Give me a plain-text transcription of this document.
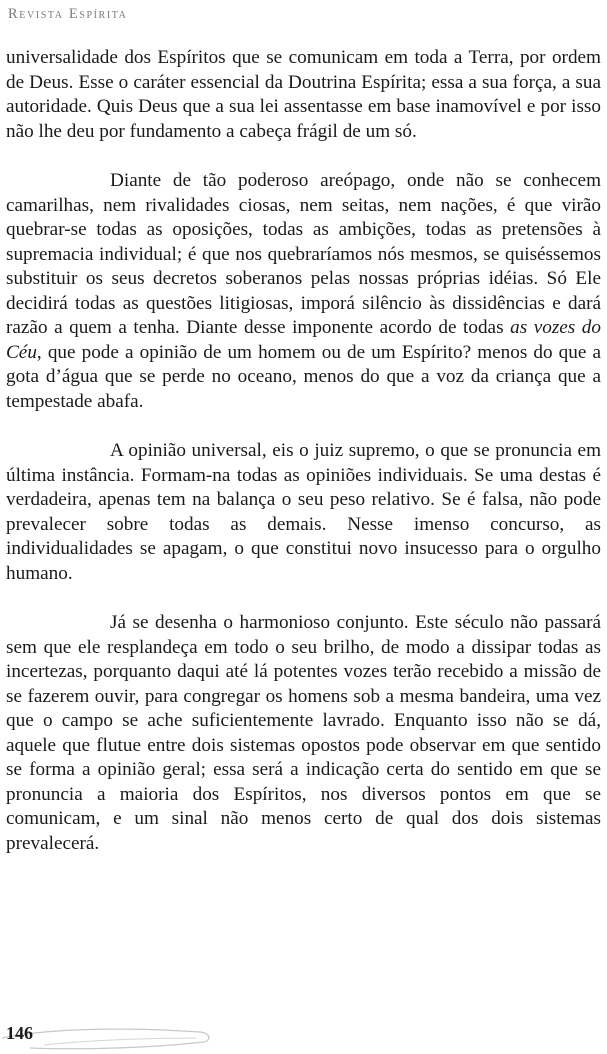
Revista Espírita

universalidade dos Espíritos que se comunicam em toda a Terra, por ordem de Deus. Esse o caráter essencial da Doutrina Espírita; essa a sua força, a sua autoridade. Quis Deus que a sua lei assentasse em base inamovível e por isso não lhe deu por fundamento a cabeça frágil de um só.

Diante de tão poderoso areópago, onde não se conhecem camarilhas, nem rivalidades ciosas, nem seitas, nem nações, é que virão quebrar-se todas as oposições, todas as ambições, todas as pretensões à supremacia individual; é que nos quebraríamos nós mesmos, se quiséssemos substituir os seus decretos soberanos pelas nossas próprias idéias. Só Ele decidirá todas as questões litigiosas, imporá silêncio às dissidências e dará razão a quem a tenha. Diante desse imponente acordo de todas as vozes do Céu, que pode a opinião de um homem ou de um Espírito? menos do que a gota d’água que se perde no oceano, menos do que a voz da criança que a tempestade abafa.

A opinião universal, eis o juiz supremo, o que se pronuncia em última instância. Formam-na todas as opiniões individuais. Se uma destas é verdadeira, apenas tem na balança o seu peso relativo. Se é falsa, não pode prevalecer sobre todas as demais. Nesse imenso concurso, as individualidades se apagam, o que constitui novo insucesso para o orgulho humano.

Já se desenha o harmonioso conjunto. Este século não passará sem que ele resplandeça em todo o seu brilho, de modo a dissipar todas as incertezas, porquanto daqui até lá potentes vozes terão recebido a missão de se fazerem ouvir, para congregar os homens sob a mesma bandeira, uma vez que o campo se ache suficientemente lavrado. Enquanto isso não se dá, aquele que flutue entre dois sistemas opostos pode observar em que sentido se forma a opinião geral; essa será a indicação certa do sentido em que se pronuncia a maioria dos Espíritos, nos diversos pontos em que se comunicam, e um sinal não menos certo de qual dos dois sistemas prevalecerá.

146
